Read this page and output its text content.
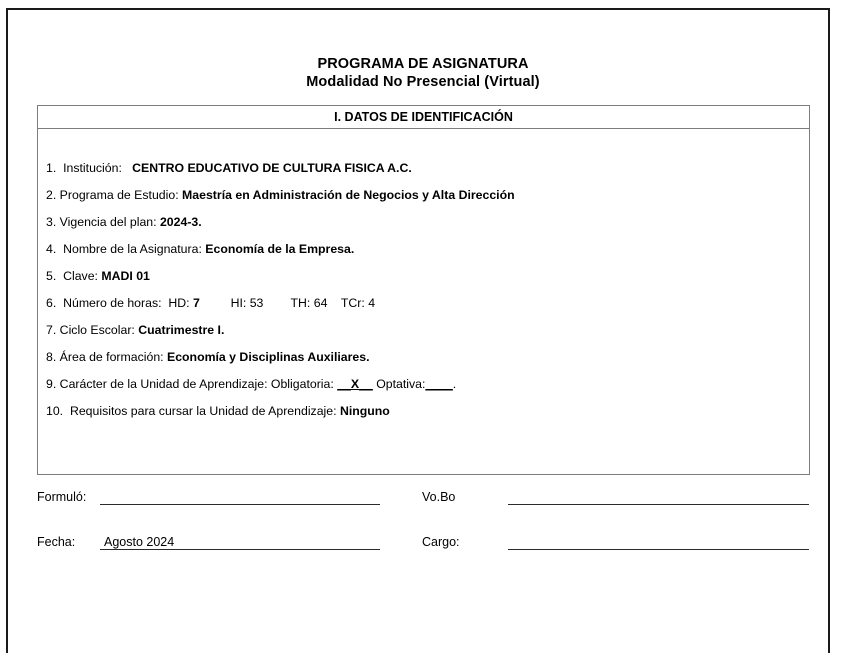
PROGRAMA DE ASIGNATURA
Modalidad No Presencial (Virtual)
I. DATOS DE IDENTIFICACIÓN
1.  Institución:   CENTRO EDUCATIVO DE CULTURA FISICA A.C.
2. Programa de Estudio: Maestría en Administración de Negocios y Alta Dirección
3. Vigencia del plan: 2024-3.
4.  Nombre de la Asignatura: Economía de la Empresa.
5.  Clave: MADI 01
6.  Número de horas:  HD: 7	HI: 53 TH: 64 TCr: 4
7. Ciclo Escolar: Cuatrimestre I.
8. Área de formación: Economía y Disciplinas Auxiliares.
9. Carácter de la Unidad de Aprendizaje: Obligatoria: __X__ Optativa:____.
10.  Requisitos para cursar la Unidad de Aprendizaje: Ninguno
Formuló:	Vo.Bo
Fecha: Agosto 2024	Cargo:
